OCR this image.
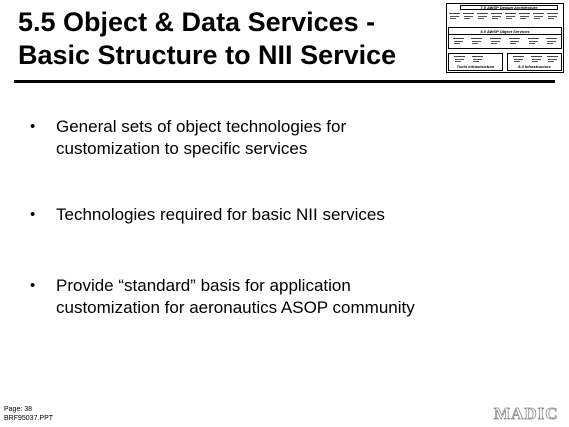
5.5 Object & Data Services -
Basic Structure to NII Service
7.5 AWSP Design Architecture
5.5 AWSP Object Services
Tools Infrastructure	8.0 Infrastructure
•	General sets of object technologies for
customization to specific services
•	Technologies required for basic NII services
•	Provide “standard” basis for application
customization for aeronautics ASOP community
Page: 38
BRF95037.PPT	MADIC
